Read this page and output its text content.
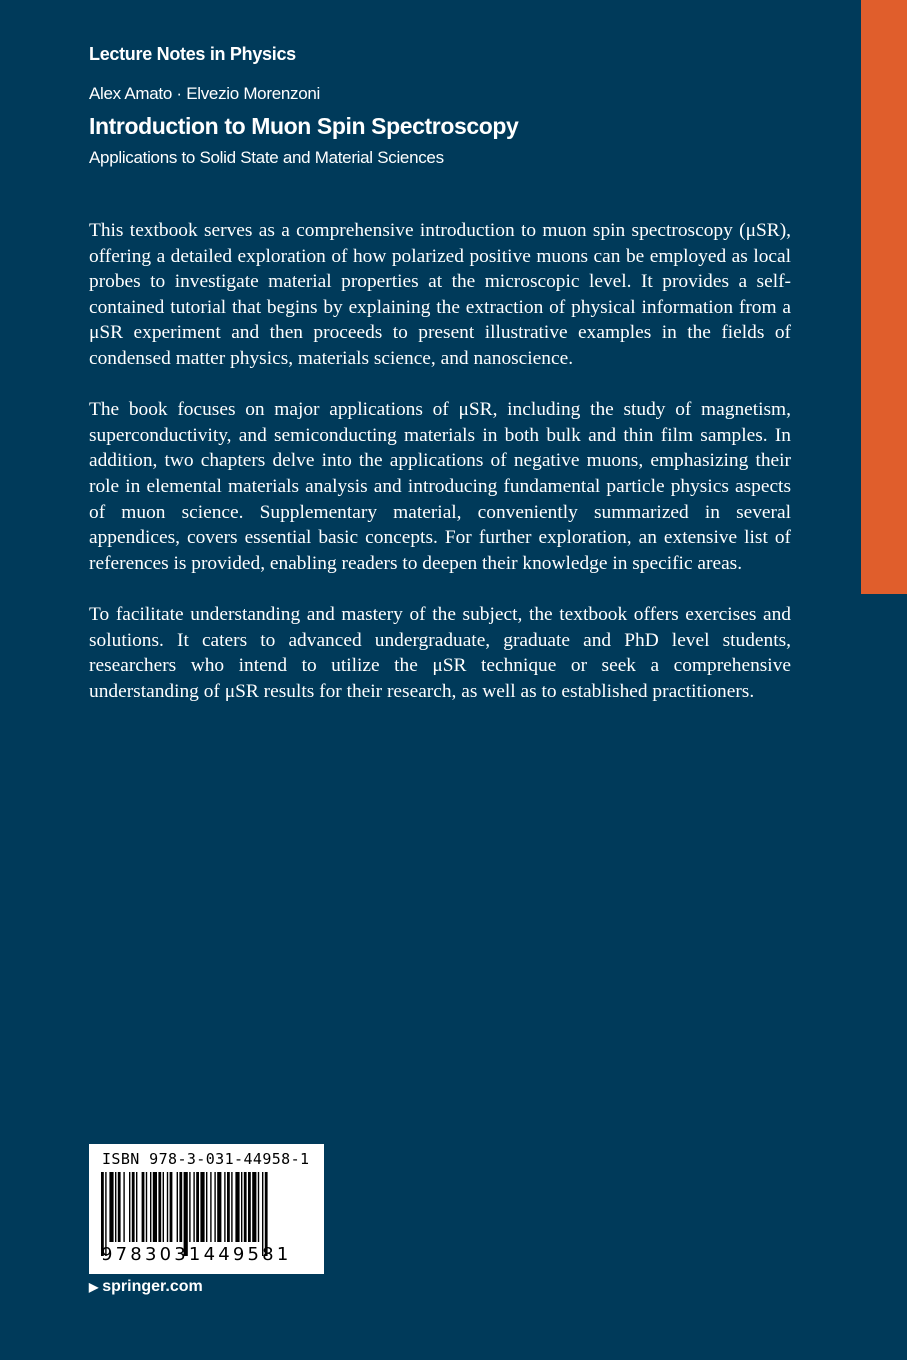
Lecture Notes in Physics
Alex Amato · Elvezio Morenzoni
Introduction to Muon Spin Spectroscopy
Applications to Solid State and Material Sciences

This textbook serves as a comprehensive introduction to muon spin spectroscopy (μSR), offering a detailed exploration of how polarized positive muons can be employed as local probes to investigate material properties at the microscopic level. It provides a self-contained tutorial that begins by explaining the extraction of physical information from a μSR experiment and then proceeds to present illustrative examples in the fields of condensed matter physics, materials science, and nanoscience.

The book focuses on major applications of μSR, including the study of magnetism, superconductivity, and semiconducting materials in both bulk and thin film samples. In addition, two chapters delve into the applications of negative muons, emphasizing their role in elemental materials analysis and introducing fundamental particle physics aspects of muon science. Supplementary material, conveniently summarized in several appendices, covers essential basic concepts. For further exploration, an extensive list of references is provided, enabling readers to deepen their knowledge in specific areas.

To facilitate understanding and mastery of the subject, the textbook offers exercises and solutions. It caters to advanced undergraduate, graduate and PhD level students, researchers who intend to utilize the μSR technique or seek a comprehensive understanding of μSR results for their research, as well as to established practitioners.

ISBN 978-3-031-44958-1
9783031449581
▶ springer.com
